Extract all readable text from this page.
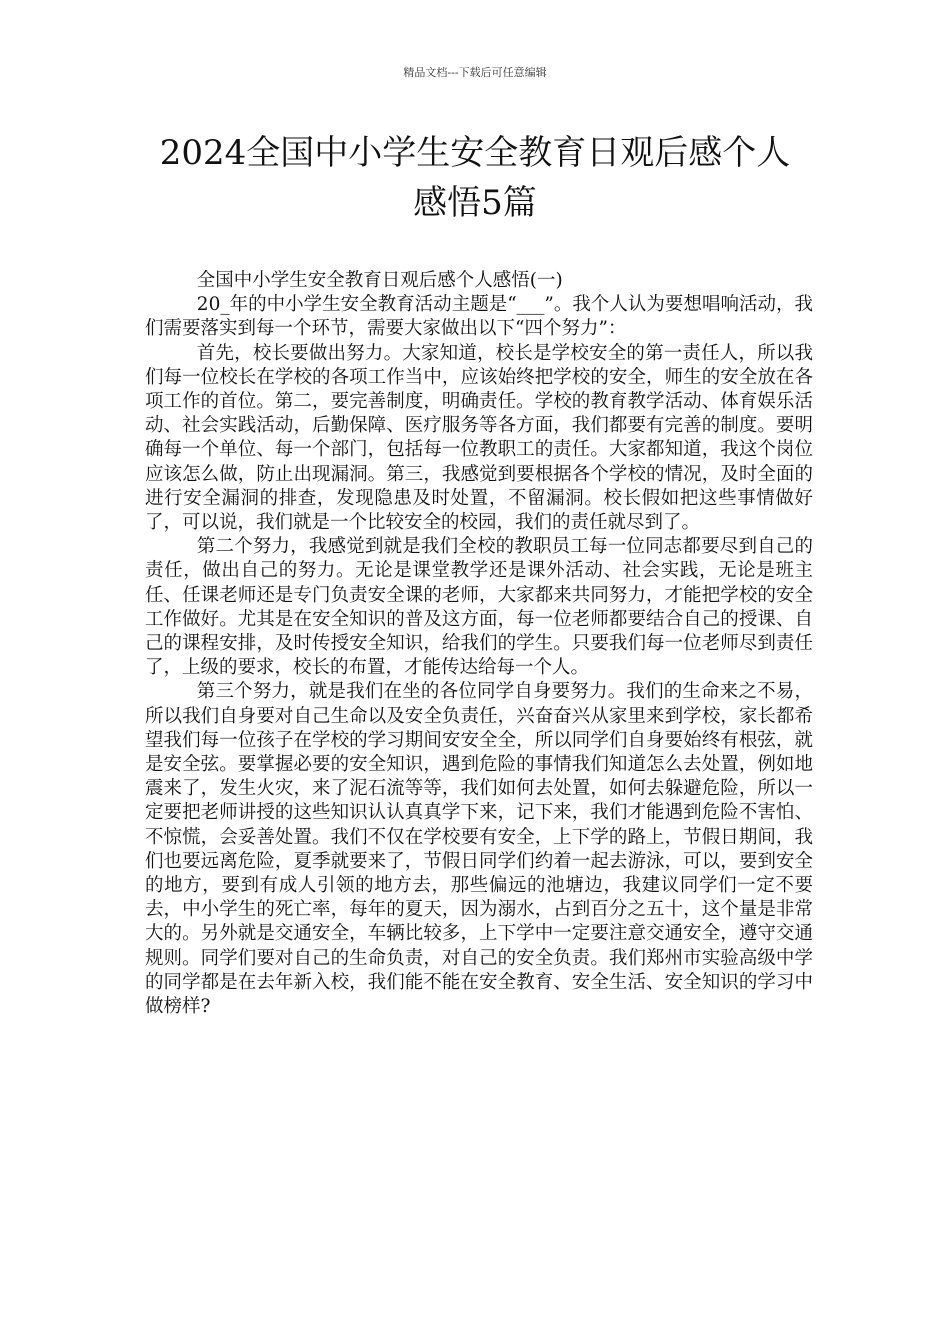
精品文档---下载后可任意编辑
2024全国中小学生安全教育日观后感个人
感悟5篇

全国中小学生安全教育日观后感个人感悟(一)

20_年的中小学生安全教育活动主题是“___”。我个人认为要想唱响活动，我们需要落实到每一个环节，需要大家做出以下“四个努力”：

首先，校长要做出努力。大家知道，校长是学校安全的第一责任人，所以我们每一位校长在学校的各项工作当中，应该始终把学校的安全，师生的安全放在各项工作的首位。第二，要完善制度，明确责任。学校的教育教学活动、体育娱乐活动、社会实践活动，后勤保障、医疗服务等各方面，我们都要有完善的制度。要明确每一个单位、每一个部门，包括每一位教职工的责任。大家都知道，我这个岗位应该怎么做，防止出现漏洞。第三，我感觉到要根据各个学校的情况，及时全面的进行安全漏洞的排查，发现隐患及时处置，不留漏洞。校长假如把这些事情做好了，可以说，我们就是一个比较安全的校园，我们的责任就尽到了。

第二个努力，我感觉到就是我们全校的教职员工每一位同志都要尽到自己的责任，做出自己的努力。无论是课堂教学还是课外活动、社会实践，无论是班主任、任课老师还是专门负责安全课的老师，大家都来共同努力，才能把学校的安全工作做好。尤其是在安全知识的普及这方面，每一位老师都要结合自己的授课、自己的课程安排，及时传授安全知识，给我们的学生。只要我们每一位老师尽到责任了，上级的要求，校长的布置，才能传达给每一个人。

第三个努力，就是我们在坐的各位同学自身要努力。我们的生命来之不易，所以我们自身要对自己生命以及安全负责任，兴奋奋兴从家里来到学校，家长都希望我们每一位孩子在学校的学习期间安安全全，所以同学们自身要始终有根弦，就是安全弦。要掌握必要的安全知识，遇到危险的事情我们知道怎么去处置，例如地震来了，发生火灾，来了泥石流等等，我们如何去处置，如何去躲避危险，所以一定要把老师讲授的这些知识认认真真学下来，记下来，我们才能遇到危险不害怕、不惊慌，会妥善处置。我们不仅在学校要有安全，上下学的路上，节假日期间，我们也要远离危险，夏季就要来了，节假日同学们约着一起去游泳，可以，要到安全的地方，要到有成人引领的地方去，那些偏远的池塘边，我建议同学们一定不要去，中小学生的死亡率，每年的夏天，因为溺水，占到百分之五十，这个量是非常大的。另外就是交通安全，车辆比较多，上下学中一定要注意交通安全，遵守交通规则。同学们要对自己的生命负责，对自己的安全负责。我们郑州市实验高级中学的同学都是在去年新入校，我们能不能在安全教育、安全生活、安全知识的学习中做榜样?
